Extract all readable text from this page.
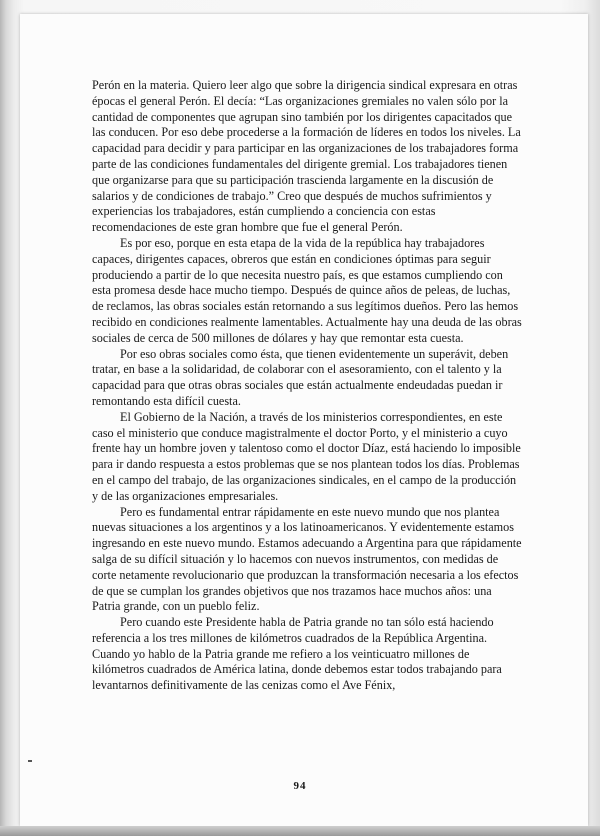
Perón en la materia. Quiero leer algo que sobre la dirigencia sindical expresara en otras épocas el general Perón. El decía: “Las organizaciones gremiales no valen sólo por la cantidad de componentes que agrupan sino también por los dirigentes capacitados que las conducen. Por eso debe procederse a la formación de líderes en todos los niveles. La capacidad para decidir y para participar en las organizaciones de los trabajadores forma parte de las condiciones fundamentales del dirigente gremial. Los trabajadores tienen que organizarse para que su participación trascienda largamente en la discusión de salarios y de condiciones de trabajo.” Creo que después de muchos sufrimientos y experiencias los trabajadores, están cumpliendo a conciencia con estas recomendaciones de este gran hombre que fue el general Perón.

Es por eso, porque en esta etapa de la vida de la república hay trabajadores capaces, dirigentes capaces, obreros que están en condiciones óptimas para seguir produciendo a partir de lo que necesita nuestro país, es que estamos cumpliendo con esta promesa desde hace mucho tiempo. Después de quince años de peleas, de luchas, de reclamos, las obras sociales están retornando a sus legítimos dueños. Pero las hemos recibido en condiciones realmente lamentables. Actualmente hay una deuda de las obras sociales de cerca de 500 millones de dólares y hay que remontar esta cuesta.

Por eso obras sociales como ésta, que tienen evidentemente un superávit, deben tratar, en base a la solidaridad, de colaborar con el asesoramiento, con el talento y la capacidad para que otras obras sociales que están actualmente endeudadas puedan ir remontando esta difícil cuesta.

El Gobierno de la Nación, a través de los ministerios correspondientes, en este caso el ministerio que conduce magistralmente el doctor Porto, y el ministerio a cuyo frente hay un hombre joven y talentoso como el doctor Díaz, está haciendo lo imposible para ir dando respuesta a estos problemas que se nos plantean todos los días. Problemas en el campo del trabajo, de las organizaciones sindicales, en el campo de la producción y de las organizaciones empresariales.

Pero es fundamental entrar rápidamente en este nuevo mundo que nos plantea nuevas situaciones a los argentinos y a los latinoamericanos. Y evidentemente estamos ingresando en este nuevo mundo. Estamos adecuando a Argentina para que rápidamente salga de su difícil situación y lo hacemos con nuevos instrumentos, con medidas de corte netamente revolucionario que produzcan la transformación necesaria a los efectos de que se cumplan los grandes objetivos que nos trazamos hace muchos años: una Patria grande, con un pueblo feliz.

Pero cuando este Presidente habla de Patria grande no tan sólo está haciendo referencia a los tres millones de kilómetros cuadrados de la República Argentina. Cuando yo hablo de la Patria grande me refiero a los veinticuatro millones de kilómetros cuadrados de América latina, donde debemos estar todos trabajando para levantarnos definitivamente de las cenizas como el Ave Fénix,

94
